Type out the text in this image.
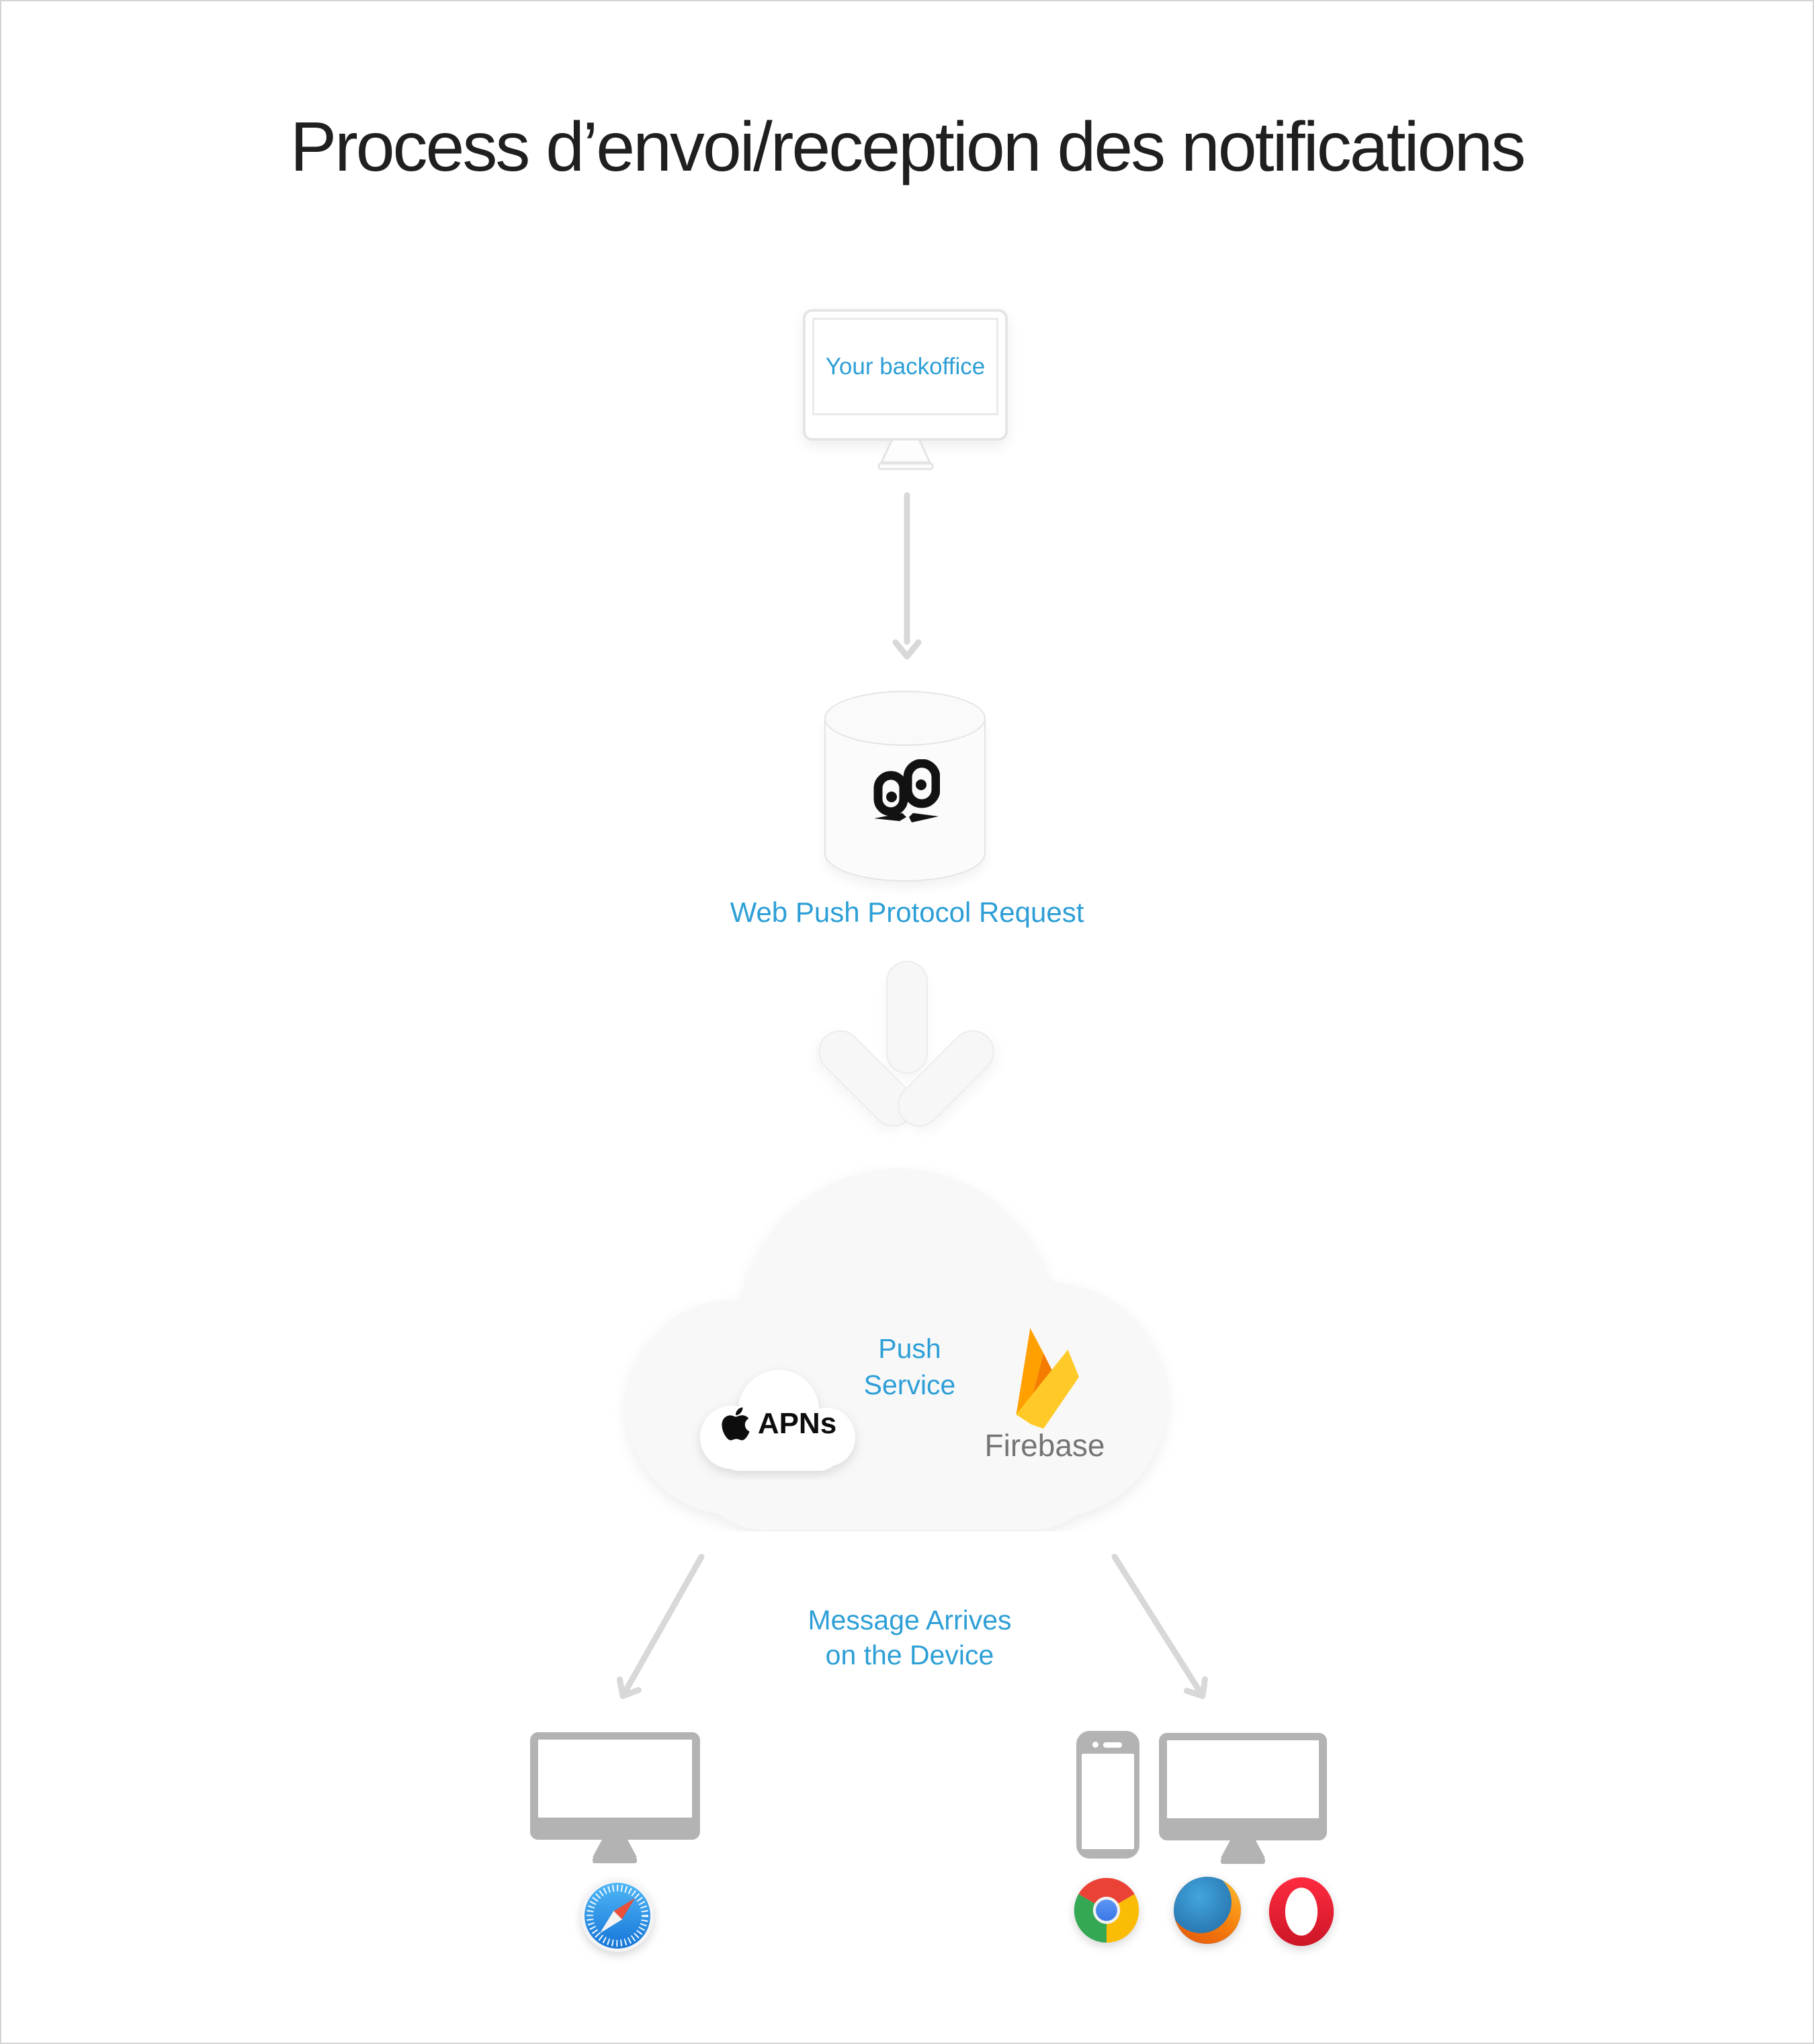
Process d’envoi/reception des notifications
Your backoffice
Web Push Protocol Request
Push
Service
APNs
Firebase
Message Arrives
on the Device
